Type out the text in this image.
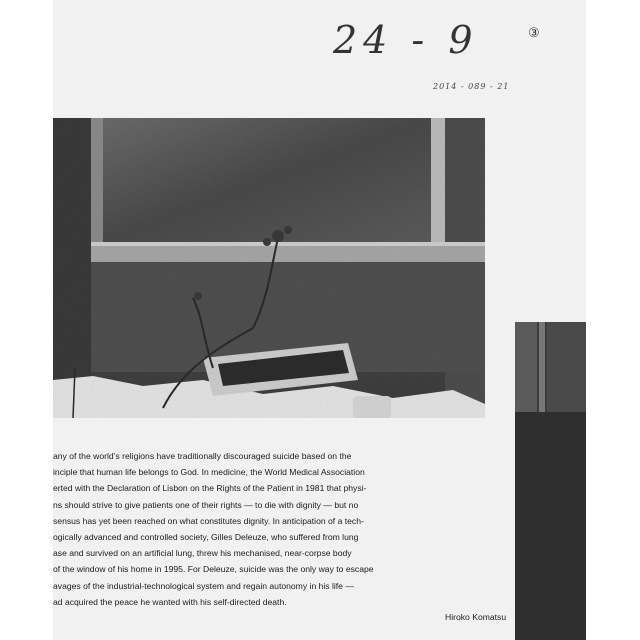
24 - 9	③
2014 - 089 - 21
any of the world’s religions have traditionally discouraged suicide based on the
inciple that human life belongs to God. In medicine, the World Medical Association
erted with the Declaration of Lisbon on the Rights of the Patient in 1981 that physi-
ns should strive to give patients one of their rights — to die with dignity — but no
sensus has yet been reached on what constitutes dignity. In anticipation of a tech-
ogically advanced and controlled society, Gilles Deleuze, who suffered from lung
ase and survived on an artificial lung, threw his mechanised, near-corpse body
of the window of his home in 1995. For Deleuze, suicide was the only way to escape
avages of the industrial-technological system and regain autonomy in his life —
ad acquired the peace he wanted with his self-directed death.
Hiroko Komatsu
